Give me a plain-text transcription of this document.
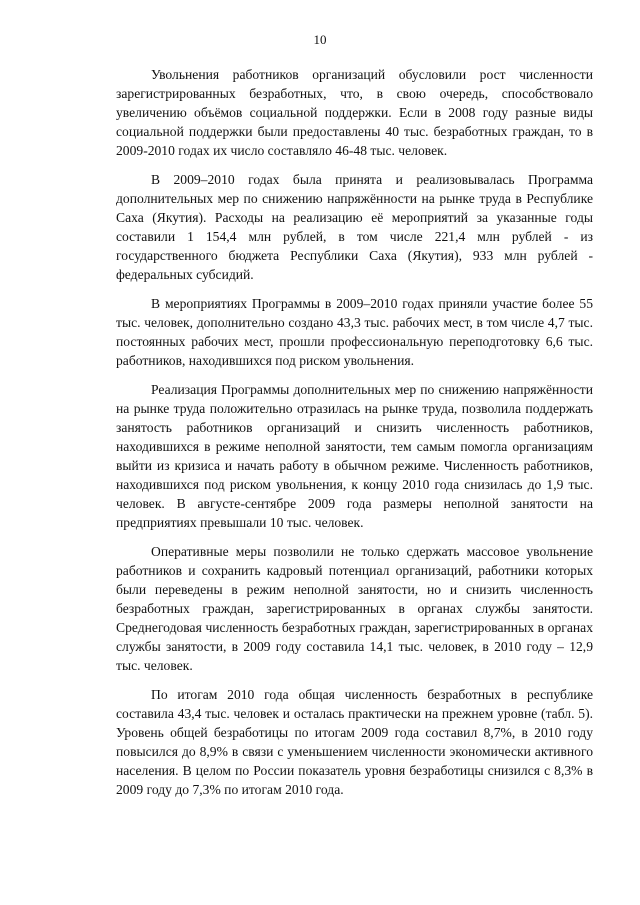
10

Увольнения работников организаций обусловили рост численности зарегистрированных безработных, что, в свою очередь, способствовало увеличению объёмов социальной поддержки. Если в 2008 году разные виды социальной поддержки были предоставлены 40 тыс. безработных граждан, то в 2009-2010 годах их число составляло 46-48 тыс. человек.

В 2009–2010 годах была принята и реализовывалась Программа дополнительных мер по снижению напряжённости на рынке труда в Республике Саха (Якутия). Расходы на реализацию её мероприятий за указанные годы составили 1 154,4 млн рублей, в том числе 221,4 млн рублей - из государственного бюджета Республики Саха (Якутия), 933 млн рублей - федеральных субсидий.

В мероприятиях Программы в 2009–2010 годах приняли участие более 55 тыс. человек, дополнительно создано 43,3 тыс. рабочих мест, в том числе 4,7 тыс. постоянных рабочих мест, прошли профессиональную переподготовку 6,6 тыс. работников, находившихся под риском увольнения.

Реализация Программы дополнительных мер по снижению напряжённости на рынке труда положительно отразилась на рынке труда, позволила поддержать занятость работников организаций и снизить численность работников, находившихся в режиме неполной занятости, тем самым помогла организациям выйти из кризиса и начать работу в обычном режиме. Численность работников, находившихся под риском увольнения, к концу 2010 года снизилась до 1,9 тыс. человек. В августе-сентябре 2009 года размеры неполной занятости на предприятиях превышали 10 тыс. человек.

Оперативные меры позволили не только сдержать массовое увольнение работников и сохранить кадровый потенциал организаций, работники которых были переведены в режим неполной занятости, но и снизить численность безработных граждан, зарегистрированных в органах службы занятости. Среднегодовая численность безработных граждан, зарегистрированных в органах службы занятости, в 2009 году составила 14,1 тыс. человек, в 2010 году – 12,9 тыс. человек.

По итогам 2010 года общая численность безработных в республике составила 43,4 тыс. человек и осталась практически на прежнем уровне (табл. 5). Уровень общей безработицы по итогам 2009 года составил 8,7%, в 2010 году повысился до 8,9% в связи с уменьшением численности экономически активного населения. В целом по России показатель уровня безработицы снизился с 8,3% в 2009 году до 7,3% по итогам 2010 года.
